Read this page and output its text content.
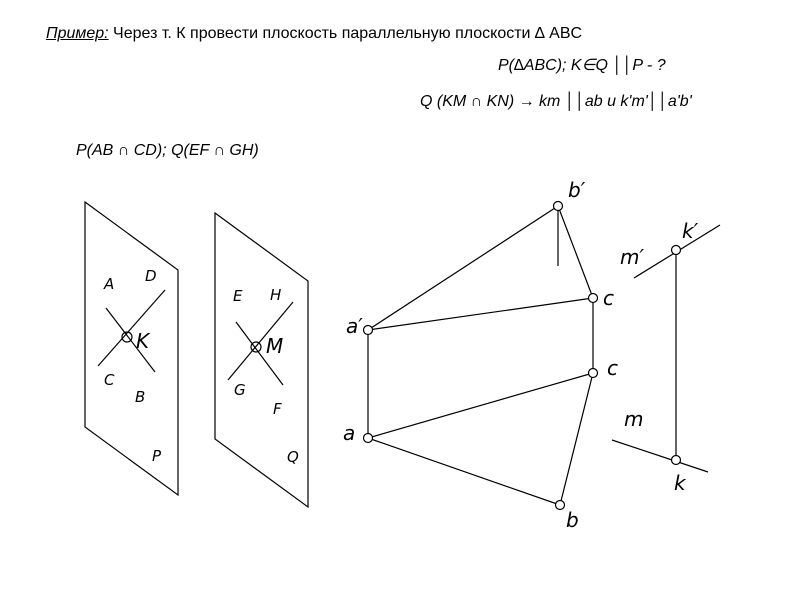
Пример: Через т. К провести плоскость параллельную плоскости ∆ ABC
P(∆ABC); K∈Q ││P - ?
Q (KM ∩ KN) → km ││ab и k'm'││a'b'
P(AB ∩ CD); Q(EF ∩ GH)
A D
K
C
B
P
E H
M
G
F
Q
b′
c
a′
c
a
b
k′
m′
m
k
